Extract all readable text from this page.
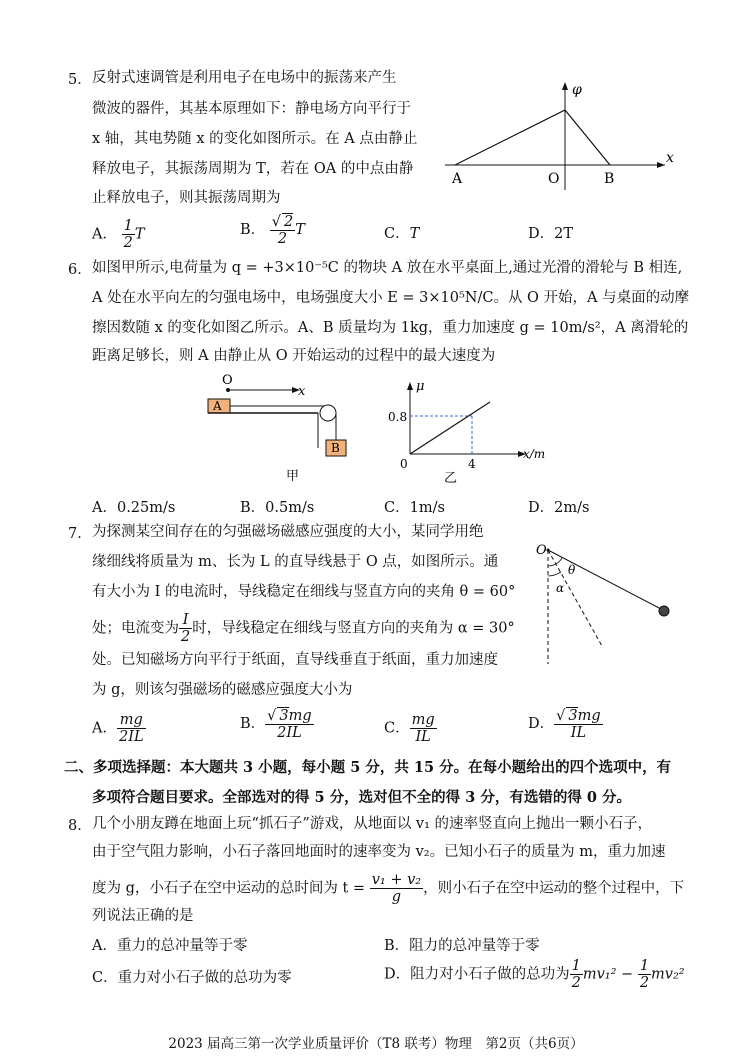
5． 反射式速调管是利用电子在电场中的振荡来产生
微波的器件，其基本原理如下：静电场方向平行于
x 轴，其电势随 x 的变化如图所示。在 A 点由静止
释放电子，其振荡周期为 T，若在 OA 的中点由静
止释放电子，则其振荡周期为
φ
x
A	O	B
A． $\frac{1}{2}$ T	B． $\frac{√ 2}{2}$ T	C．T	D．2T
6． 如图甲所示,电荷量为 q = +3×10⁻⁵C 的物块 A 放在水平桌面上,通过光滑的滑轮与 B 相连,
A 处在水平向左的匀强电场中，电场强度大小 E = 3×10⁵N/C。从 O 开始，A 与桌面的动摩
擦因数随 x 的变化如图乙所示。A、B 质量均为 1kg，重力加速度 g = 10m/s²，A 离滑轮的
距离足够长，则 A 由静止从 O 开始运动的过程中的最大速度为
O
x
A
B
甲
μ
0.8
0	4
x/m
乙
A．0.25m/s	B．0.5m/s	C．1m/s	D．2m/s
7． 为探测某空间存在的匀强磁场磁感应强度的大小，某同学用绝
缘细线将质量为 m、长为 L 的直导线悬于 O 点，如图所示。通
有大小为 I 的电流时，导线稳定在细线与竖直方向的夹角 θ = 60°
处；电流变为 $\frac{I}{2}$ 时，导线稳定在细线与竖直方向的夹角为 α = 30°
处。已知磁场方向平行于纸面，直导线垂直于纸面，重力加速度
为 g，则该匀强磁场的磁感应强度大小为
O
θ
α
A． $\frac{mg}{2IL}$	B． $\frac{√ 3mg}{2IL}$	C． $\frac{mg}{IL}$	D． $\frac{√ 3mg}{IL}$
二、多项选择题：本大题共 3 小题，每小题 5 分，共 15 分。在每小题给出的四个选项中，有
多项符合题目要求。全部选对的得 5 分，选对但不全的得 3 分，有选错的得 0 分。
8． 几个小朋友蹲在地面上玩“抓石子”游戏，从地面以 v₁ 的速率竖直向上抛出一颗小石子，
由于空气阻力影响，小石子落回地面时的速率变为 v₂。已知小石子的质量为 m，重力加速
度为 g，小石子在空中运动的总时间为 $t = \frac{\text{v₁ + v₂}}{g}$ ，则小石子在空中运动的整个过程中，下
列说法正确的是
A．重力的总冲量等于零	B．阻力的总冲量等于零
C．重力对小石子做的总功为零	D．阻力对小石子做的总功为 $\frac{1}{2} mv_1^2 - \frac{1}{2} mv_2^2$
2023 届高三第一次学业质量评价（T8 联考）物理　第2页（共6页）
